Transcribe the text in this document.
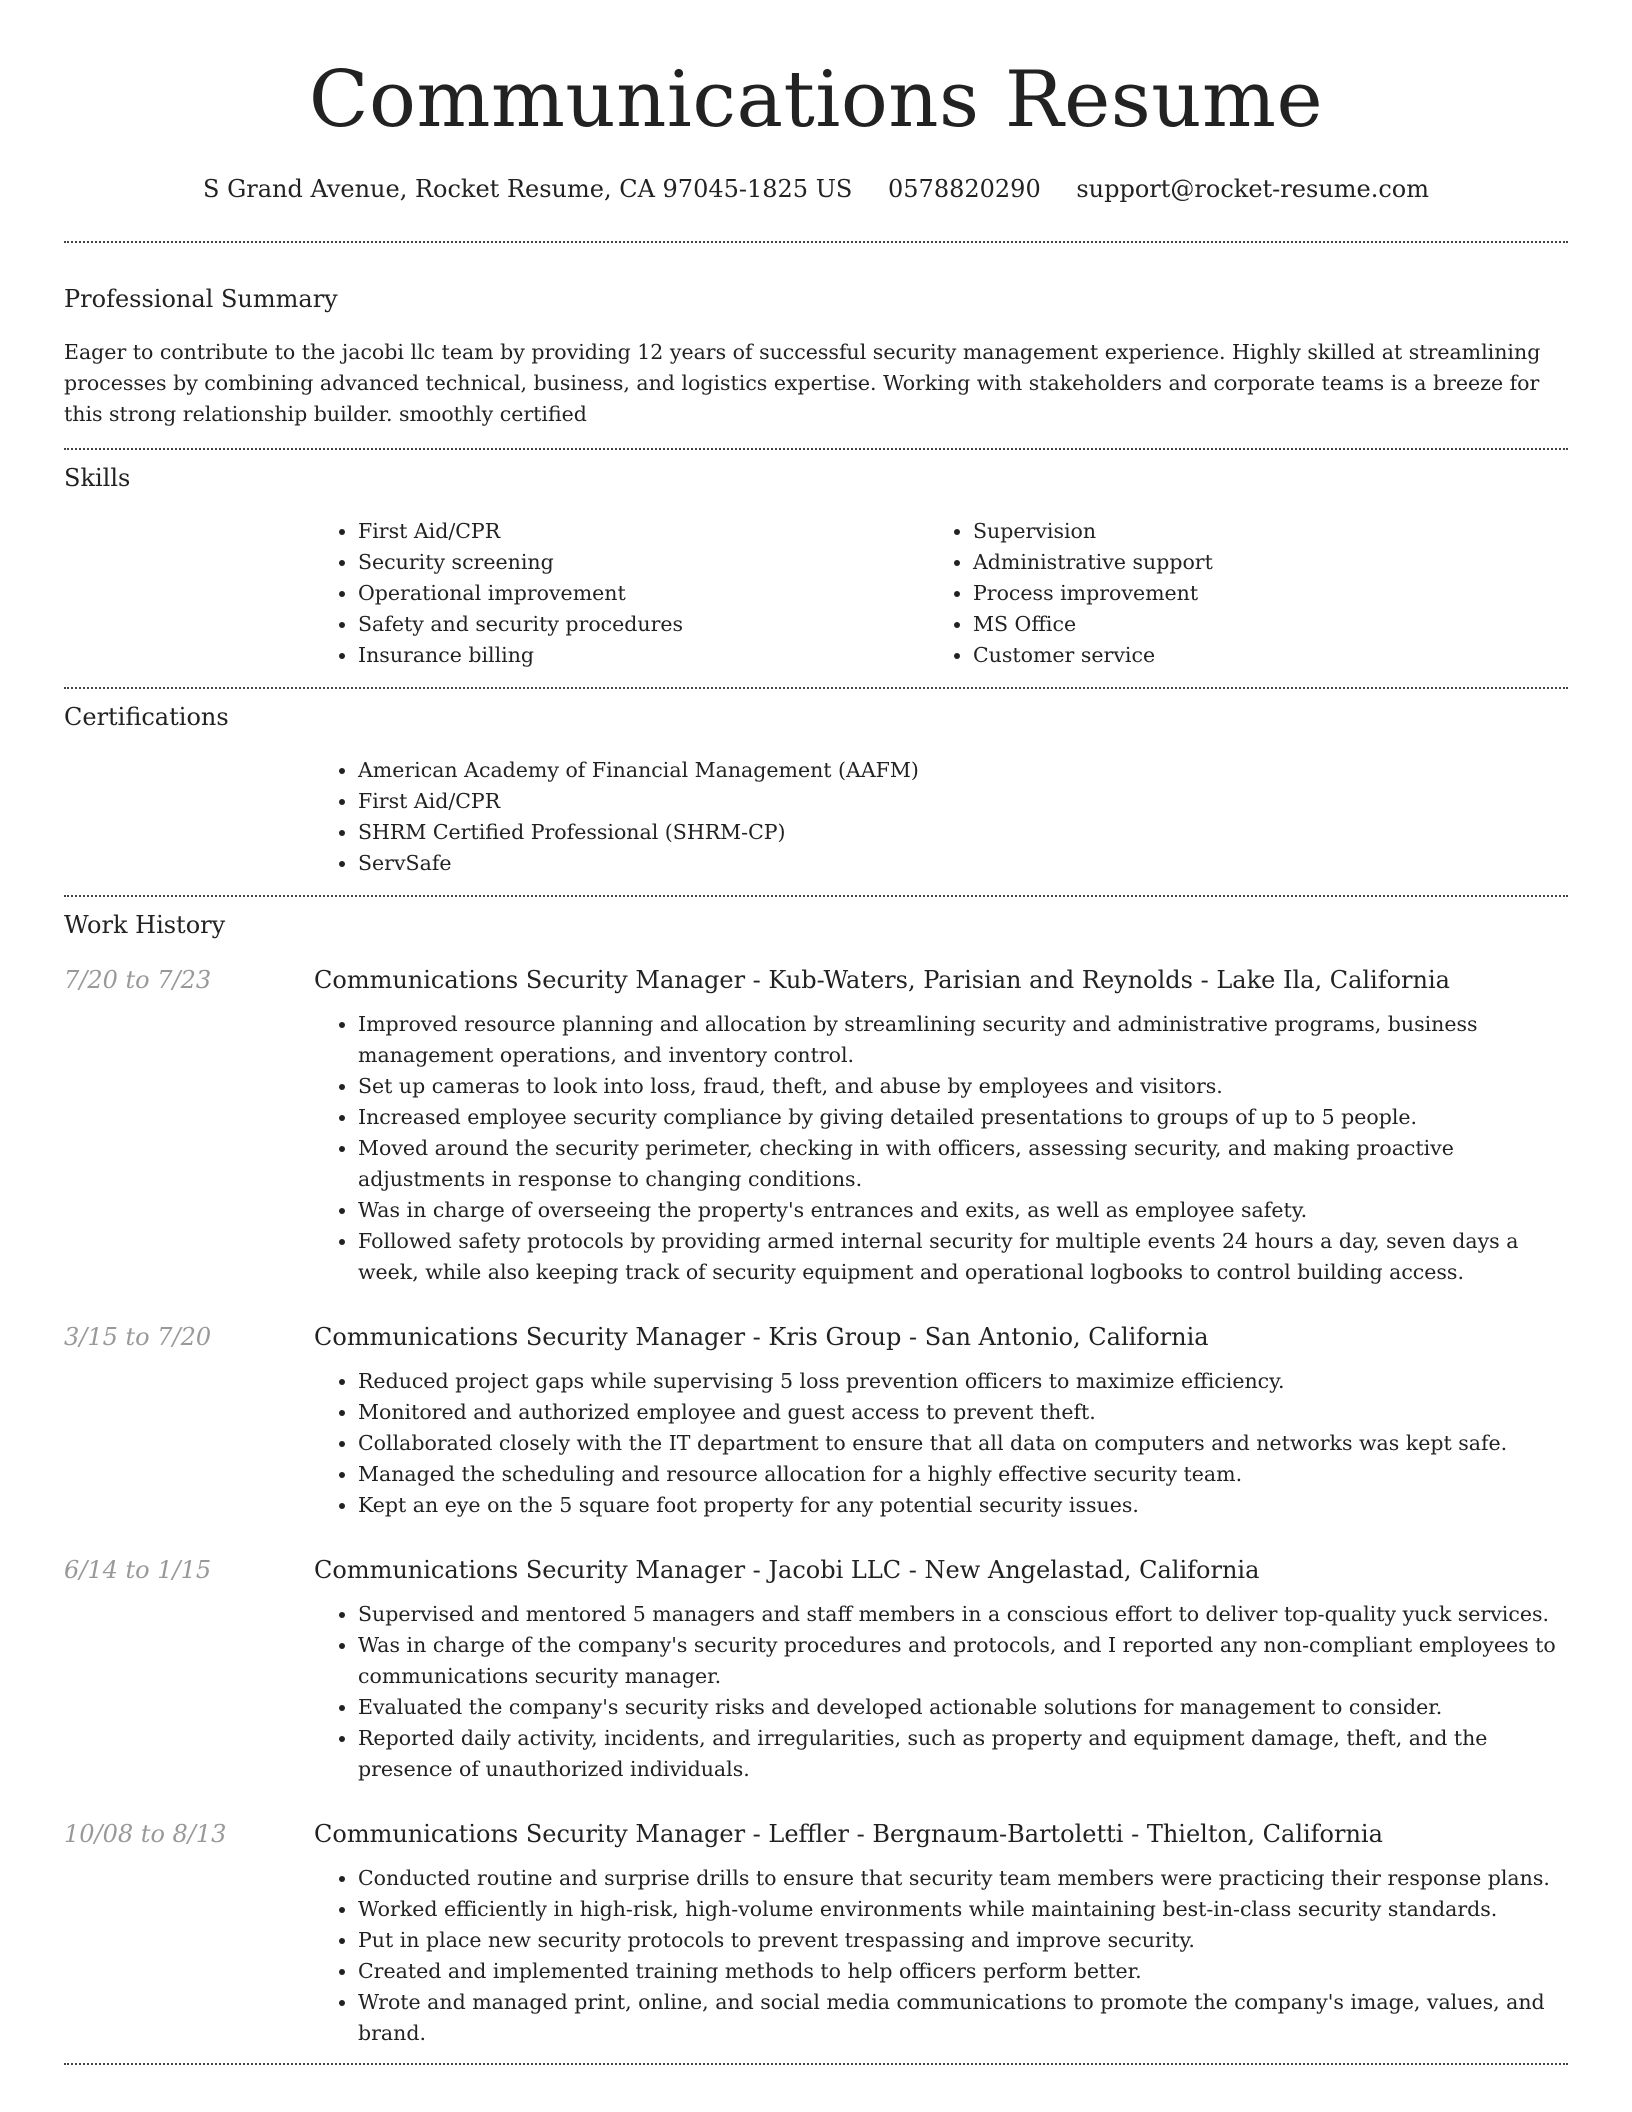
Communications Resume
S Grand Avenue, Rocket Resume, CA 97045-1825 US 0578820290 support@rocket-resume.com
Professional Summary

Eager to contribute to the jacobi llc team by providing 12 years of successful security management experience. Highly skilled at streamlining processes by combining advanced technical, business, and logistics expertise. Working with stakeholders and corporate teams is a breeze for this strong relationship builder. smoothly certified

Skills
• First Aid/CPR
• Security screening
• Operational improvement
• Safety and security procedures
• Insurance billing
• Supervision
• Administrative support
• Process improvement
• MS Office
• Customer service
Certifications
• American Academy of Financial Management (AAFM)
• First Aid/CPR
• SHRM Certified Professional (SHRM-CP)
• ServSafe
Work History
7/20 to 7/23	Communications Security Manager - Kub-Waters, Parisian and Reynolds - Lake Ila, California
• Improved resource planning and allocation by streamlining security and administrative programs, business management operations, and inventory control.
• Set up cameras to look into loss, fraud, theft, and abuse by employees and visitors.
• Increased employee security compliance by giving detailed presentations to groups of up to 5 people.
• Moved around the security perimeter, checking in with officers, assessing security, and making proactive adjustments in response to changing conditions.
• Was in charge of overseeing the property's entrances and exits, as well as employee safety.
• Followed safety protocols by providing armed internal security for multiple events 24 hours a day, seven days a week, while also keeping track of security equipment and operational logbooks to control building access.
3/15 to 7/20	Communications Security Manager - Kris Group - San Antonio, California
• Reduced project gaps while supervising 5 loss prevention officers to maximize efficiency.
• Monitored and authorized employee and guest access to prevent theft.
• Collaborated closely with the IT department to ensure that all data on computers and networks was kept safe.
• Managed the scheduling and resource allocation for a highly effective security team.
• Kept an eye on the 5 square foot property for any potential security issues.
6/14 to 1/15	Communications Security Manager - Jacobi LLC - New Angelastad, California
• Supervised and mentored 5 managers and staff members in a conscious effort to deliver top-quality yuck services.
• Was in charge of the company's security procedures and protocols, and I reported any non-compliant employees to communications security manager.
• Evaluated the company's security risks and developed actionable solutions for management to consider.
• Reported daily activity, incidents, and irregularities, such as property and equipment damage, theft, and the presence of unauthorized individuals.
10/08 to 8/13	Communications Security Manager - Leffler - Bergnaum-Bartoletti - Thielton, California
• Conducted routine and surprise drills to ensure that security team members were practicing their response plans.
• Worked efficiently in high-risk, high-volume environments while maintaining best-in-class security standards.
• Put in place new security protocols to prevent trespassing and improve security.
• Created and implemented training methods to help officers perform better.
• Wrote and managed print, online, and social media communications to promote the company's image, values, and brand.
